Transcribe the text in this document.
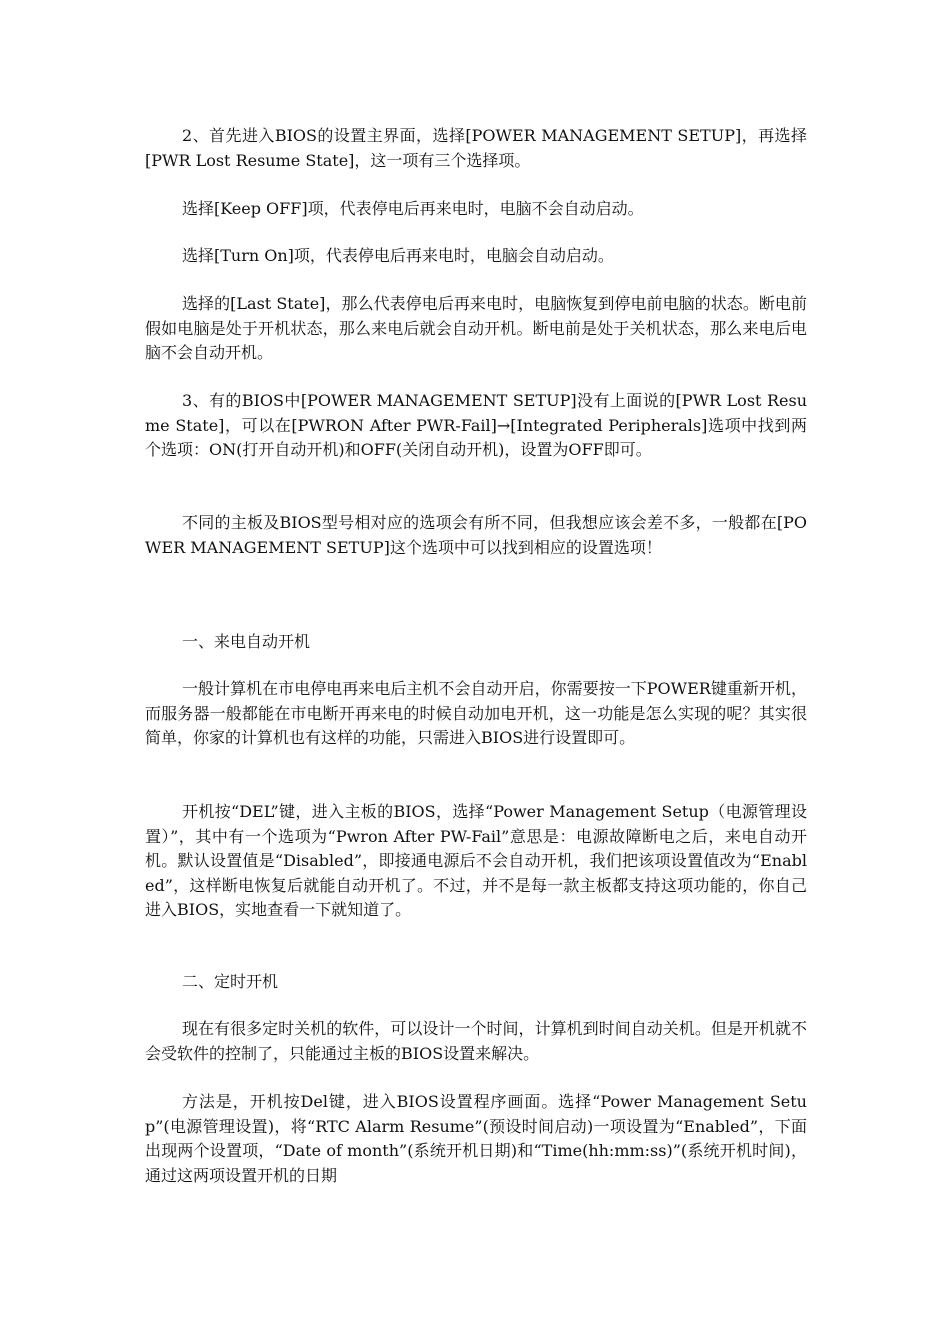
2、首先进入BIOS的设置主界面，选择[POWER MANAGEMENT SETUP]，再选择[PWR Lost Resume State]，这一项有三个选择项。

选择[Keep OFF]项，代表停电后再来电时，电脑不会自动启动。

选择[Turn On]项，代表停电后再来电时，电脑会自动启动。

选择的[Last State]，那么代表停电后再来电时，电脑恢复到停电前电脑的状态。断电前假如电脑是处于开机状态，那么来电后就会自动开机。断电前是处于关机状态，那么来电后电脑不会自动开机。

3、有的BIOS中[POWER MANAGEMENT SETUP]没有上面说的[PWR Lost Resume State]，可以在[PWRON After PWR-Fail]→[Integrated Peripherals]选项中找到两个选项：ON(打开自动开机)和OFF(关闭自动开机)，设置为OFF即可。

不同的主板及BIOS型号相对应的选项会有所不同，但我想应该会差不多，一般都在[POWER MANAGEMENT SETUP]这个选项中可以找到相应的设置选项！

一、来电自动开机

一般计算机在市电停电再来电后主机不会自动开启，你需要按一下POWER键重新开机，而服务器一般都能在市电断开再来电的时候自动加电开机，这一功能是怎么实现的呢？其实很简单，你家的计算机也有这样的功能，只需进入BIOS进行设置即可。

开机按“DEL”键，进入主板的BIOS，选择“Power Management Setup（电源管理设置）”，其中有一个选项为“Pwron After PW-Fail”意思是：电源故障断电之后，来电自动开机。默认设置值是“Disabled”，即接通电源后不会自动开机，我们把该项设置值改为“Enabled”，这样断电恢复后就能自动开机了。不过，并不是每一款主板都支持这项功能的，你自己进入BIOS，实地查看一下就知道了。

二、定时开机

现在有很多定时关机的软件，可以设计一个时间，计算机到时间自动关机。但是开机就不会受软件的控制了，只能通过主板的BIOS设置来解决。

方法是，开机按Del键，进入BIOS设置程序画面。选择“Power Management Setup”(电源管理设置)，将“RTC Alarm Resume”(预设时间启动)一项设置为“Enabled”，下面出现两个设置项，“Date of month”(系统开机日期)和“Time(hh:mm:ss)”(系统开机时间)，通过这两项设置开机的日期
